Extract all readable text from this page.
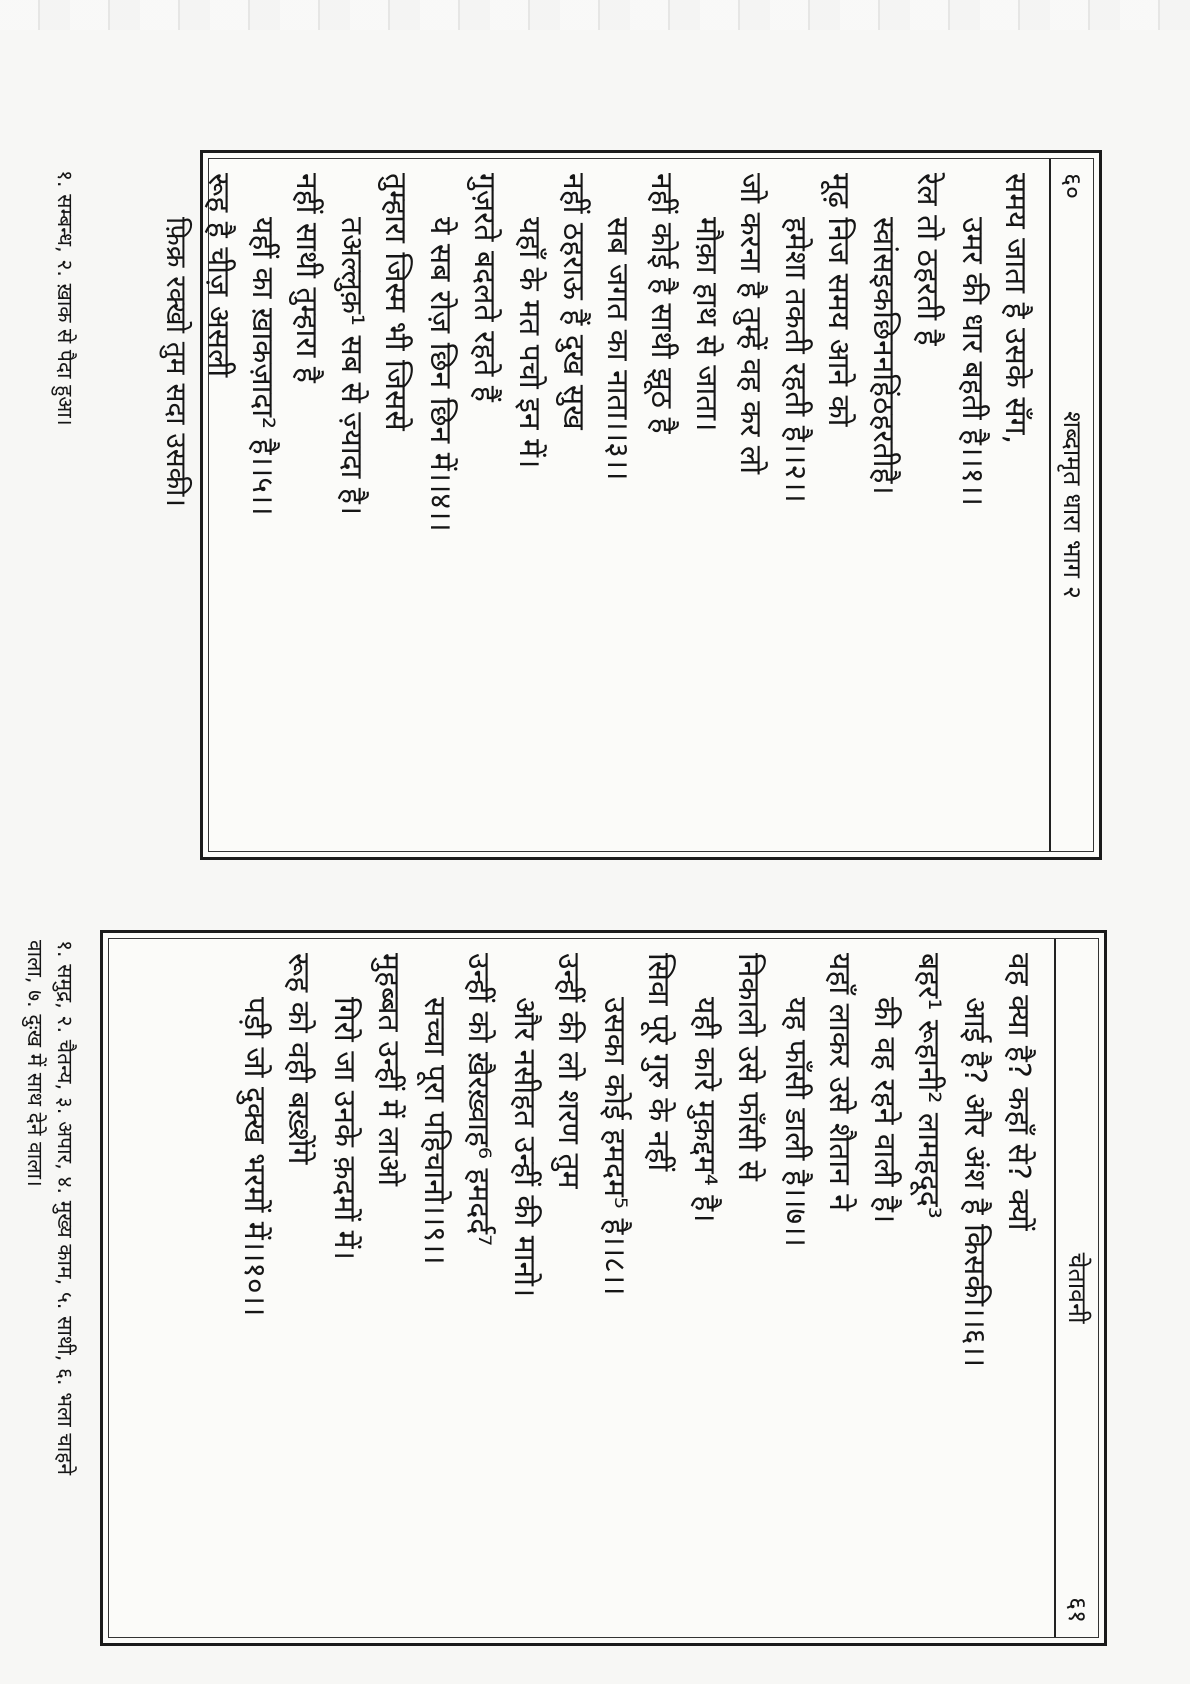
६०
शब्दामृत धारा भाग २
समय जाता है उसके सँग,
उमर की धार बहती है।।१।।
रेल तो ठहरती है
स्वांसइकछिननहिंठहरतीहै।
मूढ़ निज समय आने को
हमेशा तकती रहती है।।२।।
जो करना है तुम्हें वह कर लो
मौक़ा हाथ से जाता।
नहीं कोई है साथी झूठ है
सब जगत का नाता।।३।।
नहीं ठहराऊ हैं दुख सुख
यहाँ के मत पचो इन में।
गुज़रते बदलते रहते हैं
ये सब रोज़ छिन छिन में।।४।।
तुम्हारा जिस्म भी जिससे
तअल्लुक़¹ सब से ज़्यादा है।
नहीं साथी तुम्हारा है
यहीं का ख़ाकज़ादा² है।।५।।
रूह है चीज़ असली
फ़िक्र रक्खो तुम सदा उसकी।
१. सम्बन्ध, २. ख़ाक से पैदा हुआ।
चेतावनी
६१
वह क्या है? कहाँ से? क्यों
आई है? और अंश है किसकी।।६।।
बहर¹ रूहानी² लामहदूद³
की वह रहने वाली है।
यहाँ लाकर उसे शैतान ने
यह फाँसी डाली है।।७।।
निकालो उसे फाँसी से
यही कारे मुक़द्दम⁴ है।
सिवा पूरे गुरु के नहीं
उसका कोई हमदम⁵ है।।८।।
उन्हीं की लो शरण तुम
और नसीहत उन्हीं की मानो।
उन्हीं को ख़ैरख़्वाह⁶ हमदर्द⁷
सच्चा पूरा पहिचानो।।९।।
मुहब्बत उन्हीं में लाओ
गिरो जा उनके क़दमों में।
रूह को वही बख़्शेंगे
पड़ी जो दुक्ख भरमों में।।१०।।
१. समुद्र, २. चैतन्य, ३. अपार, ४. मुख्य काम, ५. साथी, ६. भला चाहने
वाला, ७. दुःख में साथ देने वाला।
